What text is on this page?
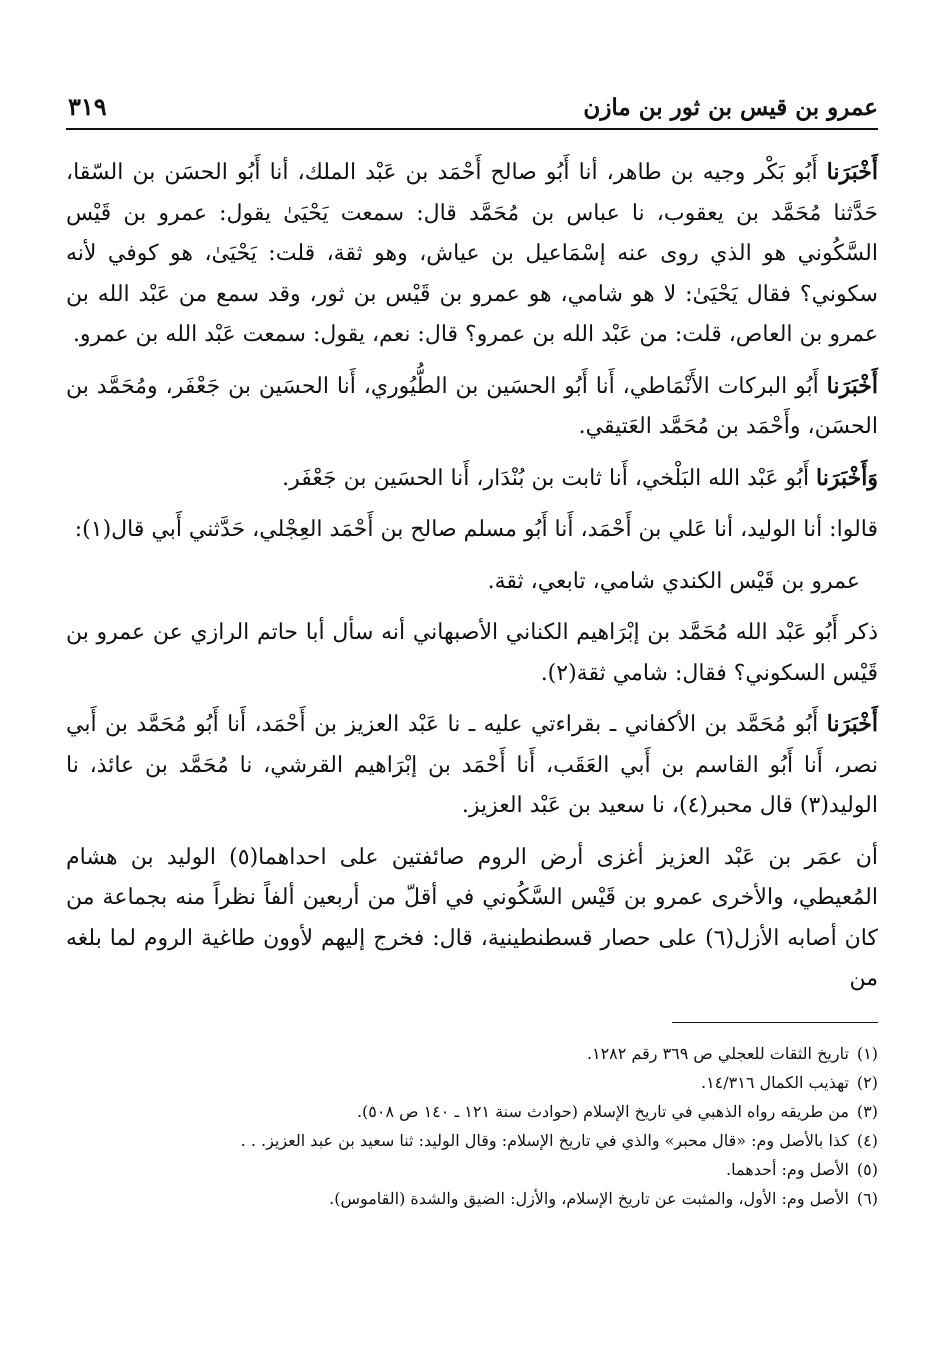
عمرو بن قيس بن ثور بن مازن
٣١٩

أَخْبَرَنا أَبُو بَكْر وجيه بن طاهر، أنا أَبُو صالح أَحْمَد بن عَبْد الملك، أنا أَبُو الحسَن بن السّقا، حَدَّثنا مُحَمَّد بن يعقوب، نا عباس بن مُحَمَّد قال: سمعت يَحْيَىٰ يقول: عمرو بن قَيْس السَّكُوني هو الذي روى عنه إسْمَاعيل بن عياش، وهو ثقة، قلت: يَحْيَىٰ، هو كوفي لأنه سكوني؟ فقال يَحْيَىٰ: لا هو شامي، هو عمرو بن قَيْس بن ثور، وقد سمع من عَبْد الله بن عمرو بن العاص، قلت: من عَبْد الله بن عمرو؟ قال: نعم، يقول: سمعت عَبْد الله بن عمرو.

أَخْبَرَنا أَبُو البركات الأَنْمَاطي، أَنا أَبُو الحسَين بن الطُّيُوري، أَنا الحسَين بن جَعْفَر، ومُحَمَّد بن الحسَن، وأَحْمَد بن مُحَمَّد العَتيقي.

وَأَخْبَرَنا أَبُو عَبْد الله البَلْخي، أَنا ثابت بن بُنْدَار، أَنا الحسَين بن جَعْفَر.

قالوا: أنا الوليد، أنا عَلي بن أَحْمَد، أَنا أَبُو مسلم صالح بن أَحْمَد العِجْلي، حَدَّثني أَبي قال(١):

عمرو بن قَيْس الكندي شامي، تابعي، ثقة.

ذكر أَبُو عَبْد الله مُحَمَّد بن إبْرَاهيم الكناني الأصبهاني أنه سأل أبا حاتم الرازي عن عمرو بن قَيْس السكوني؟ فقال: شامي ثقة(٢).

أَخْبَرَنا أَبُو مُحَمَّد بن الأكفاني ـ بقراءتي عليه ـ نا عَبْد العزيز بن أَحْمَد، أَنا أَبُو مُحَمَّد بن أَبي نصر، أَنا أَبُو القاسم بن أَبي العَقَب، أَنا أَحْمَد بن إبْرَاهيم القرشي، نا مُحَمَّد بن عائذ، نا الوليد(٣) قال محبر(٤)، نا سعيد بن عَبْد العزيز.

أن عمَر بن عَبْد العزيز أغزى أرض الروم صائفتين على احداهما(٥) الوليد بن هشام المُعيطي، والأخرى عمرو بن قَيْس السَّكُوني في أقلّ من أربعين ألفاً نظراً منه بجماعة من كان أصابه الأزل(٦) على حصار قسطنطينية، قال: فخرج إليهم لأوون طاغية الروم لما بلغه من

(١)
تاريخ الثقات للعجلي ص ٣٦٩ رقم ١٢٨٢.
(٢)
تهذيب الكمال ١٤/٣١٦.
(٣)
من طريقه رواه الذهبي في تاريخ الإسلام (حوادث سنة ١٢١ ـ ١٤٠ ص ٥٠٨).
(٤)
كذا بالأصل وم: «قال محبر» والذي في تاريخ الإسلام: وقال الوليد: ثنا سعيد بن عبد العزيز. . .
(٥)
الأصل وم: أحدهما.
(٦)
الأصل وم: الأول، والمثبت عن تاريخ الإسلام، والأزل: الضيق والشدة (القاموس).
